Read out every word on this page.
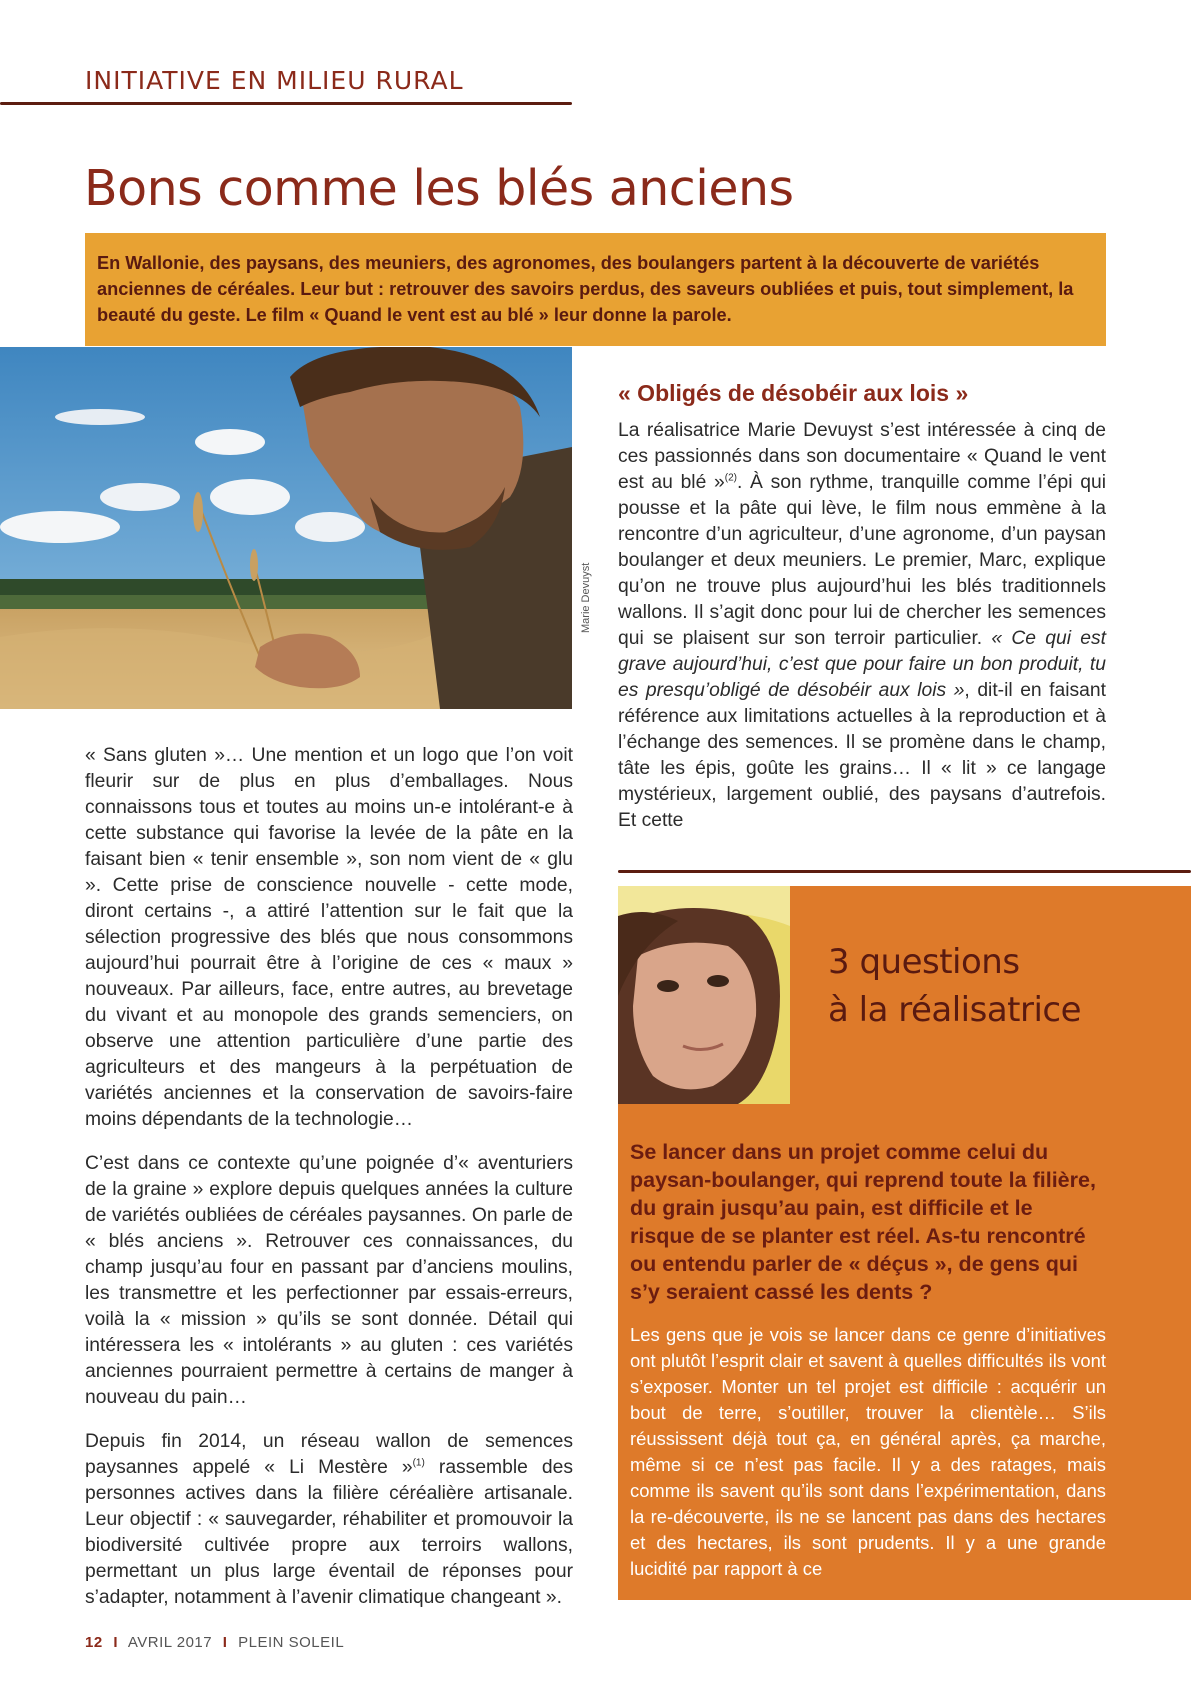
INITIATIVE EN MILIEU RURAL
Bons comme les blés anciens
En Wallonie, des paysans, des meuniers, des agronomes, des boulangers partent à la découverte de variétés anciennes de céréales. Leur but : retrouver des savoirs perdus, des saveurs oubliées et puis, tout simplement, la beauté du geste. Le film « Quand le vent est au blé » leur donne la parole.
Marie Devuyst

« Sans gluten »… Une mention et un logo que l’on voit fleurir sur de plus en plus d’emballages. Nous connaissons tous et toutes au moins un-e intolérant-e à cette substance qui favorise la levée de la pâte en la faisant bien « tenir ensemble », son nom vient de « glu ». Cette prise de conscience nouvelle - cette mode, diront certains -, a attiré l’attention sur le fait que la sélection progressive des blés que nous consommons aujourd’hui pourrait être à l’origine de ces « maux » nouveaux. Par ailleurs, face, entre autres, au brevetage du vivant et au monopole des grands semenciers, on observe une attention particulière d’une partie des agriculteurs et des mangeurs à la perpétuation de variétés anciennes et la conservation de savoirs-faire moins dépendants de la technologie…

C’est dans ce contexte qu’une poignée d’« aventuriers de la graine » explore depuis quelques années la culture de variétés oubliées de céréales paysannes. On parle de « blés anciens ». Retrouver ces connaissances, du champ jusqu’au four en passant par d’anciens moulins, les transmettre et les perfectionner par essais-erreurs, voilà la « mission » qu’ils se sont donnée. Détail qui intéressera les « intolérants » au gluten : ces variétés anciennes pourraient permettre à certains de manger à nouveau du pain…

Depuis fin 2014, un réseau wallon de semences paysannes appelé « Li Mestère »$^{(1)}$ rassemble des personnes actives dans la filière céréalière artisanale. Leur objectif : « sauvegarder, réhabiliter et promouvoir la biodiversité cultivée propre aux terroirs wallons, permettant un plus large éventail de réponses pour s’adapter, notamment à l’avenir climatique changeant ».

« Obligés de désobéir aux lois »

La réalisatrice Marie Devuyst s’est intéressée à cinq de ces passionnés dans son documentaire « Quand le vent est au blé »$^{(2)}$. À son rythme, tranquille comme l’épi qui pousse et la pâte qui lève, le film nous emmène à la rencontre d’un agriculteur, d’une agronome, d’un paysan boulanger et deux meuniers. Le premier, Marc, explique qu’on ne trouve plus aujourd’hui les blés traditionnels wallons. Il s’agit donc pour lui de chercher les semences qui se plaisent sur son terroir particulier. « Ce qui est grave aujourd’hui, c’est que pour faire un bon produit, tu es presqu’obligé de désobéir aux lois », dit-il en faisant référence aux limitations actuelles à la reproduction et à l’échange des semences. Il se promène dans le champ, tâte les épis, goûte les grains… Il « lit » ce langage mystérieux, largement oublié, des paysans d’autrefois. Et cette

3 questions
à la réalisatrice

Se lancer dans un projet comme celui du paysan-boulanger, qui reprend toute la filière, du grain jusqu’au pain, est difficile et le risque de se planter est réel. As-tu rencontré ou entendu parler de « déçus », de gens qui s’y seraient cassé les dents ?

Les gens que je vois se lancer dans ce genre d’initiatives ont plutôt l’esprit clair et savent à quelles difficultés ils vont s’exposer. Monter un tel projet est difficile : acquérir un bout de terre, s’outiller, trouver la clientèle… S’ils réussissent déjà tout ça, en général après, ça marche, même si ce n’est pas facile. Il y a des ratages, mais comme ils savent qu’ils sont dans l’expérimentation, dans la re-découverte, ils ne se lancent pas dans des hectares et des hectares, ils sont prudents. Il y a une grande lucidité par rapport à ce

12 I AVRIL 2017 I PLEIN SOLEIL
